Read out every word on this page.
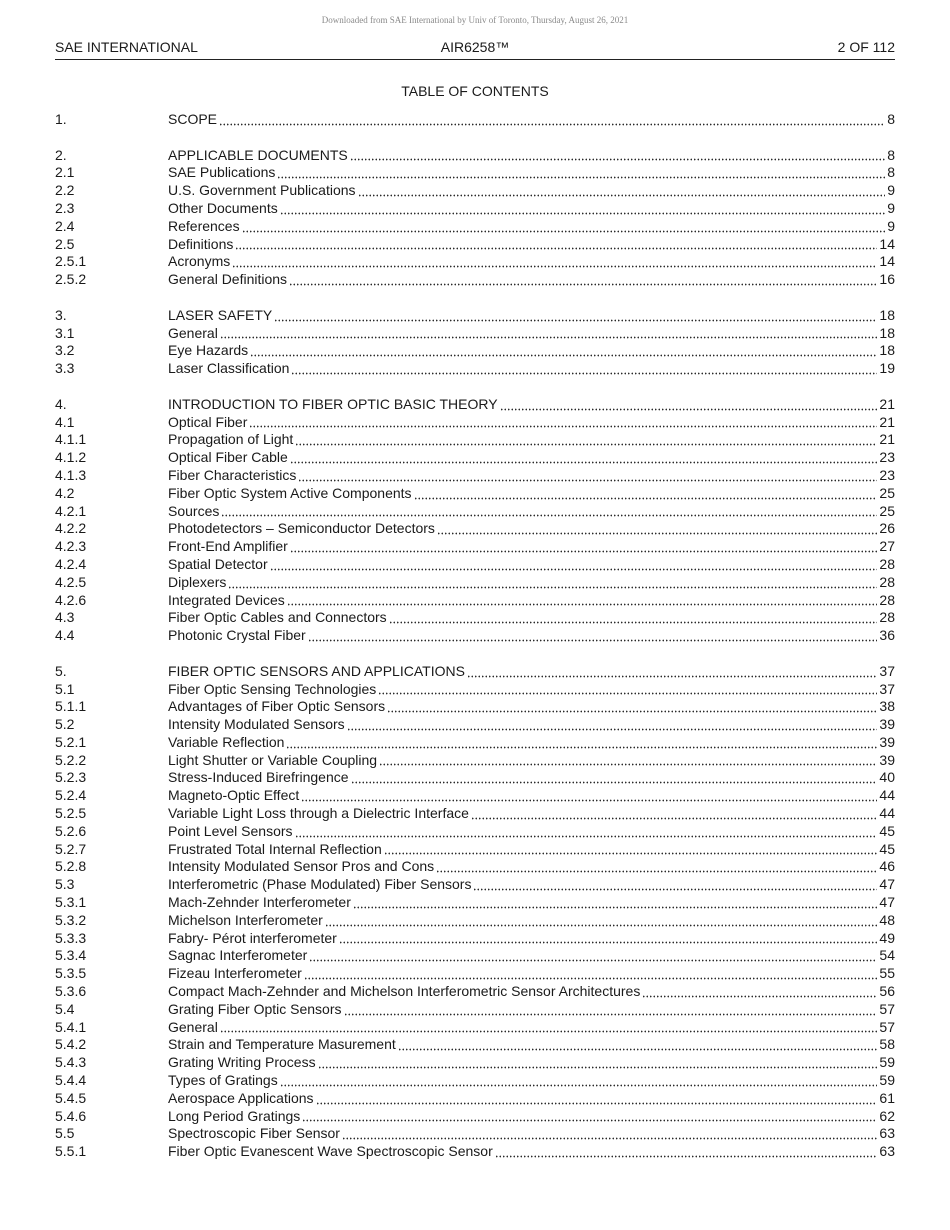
Downloaded from SAE International by Univ of Toronto, Thursday, August 26, 2021
SAE INTERNATIONAL	AIR6258™	2 OF 112
TABLE OF CONTENTS
1.	SCOPE	8
2.	APPLICABLE DOCUMENTS	8
2.1	SAE Publications	8
2.2	U.S. Government Publications	9
2.3	Other Documents	9
2.4	References	9
2.5	Definitions	14
2.5.1	Acronyms	14
2.5.2	General Definitions	16
3.	LASER SAFETY	18
3.1	General	18
3.2	Eye Hazards	18
3.3	Laser Classification	19
4.	INTRODUCTION TO FIBER OPTIC BASIC THEORY	21
4.1	Optical Fiber	21
4.1.1	Propagation of Light	21
4.1.2	Optical Fiber Cable	23
4.1.3	Fiber Characteristics	23
4.2	Fiber Optic System Active Components	25
4.2.1	Sources	25
4.2.2	Photodetectors – Semiconductor Detectors	26
4.2.3	Front-End Amplifier	27
4.2.4	Spatial Detector	28
4.2.5	Diplexers	28
4.2.6	Integrated Devices	28
4.3	Fiber Optic Cables and Connectors	28
4.4	Photonic Crystal Fiber	36
5.	FIBER OPTIC SENSORS AND APPLICATIONS	37
5.1	Fiber Optic Sensing Technologies	37
5.1.1	Advantages of Fiber Optic Sensors	38
5.2	Intensity Modulated Sensors	39
5.2.1	Variable Reflection	39
5.2.2	Light Shutter or Variable Coupling	39
5.2.3	Stress-Induced Birefringence	40
5.2.4	Magneto-Optic Effect	44
5.2.5	Variable Light Loss through a Dielectric Interface	44
5.2.6	Point Level Sensors	45
5.2.7	Frustrated Total Internal Reflection	45
5.2.8	Intensity Modulated Sensor Pros and Cons	46
5.3	Interferometric (Phase Modulated) Fiber Sensors	47
5.3.1	Mach-Zehnder Interferometer	47
5.3.2	Michelson Interferometer	48
5.3.3	Fabry- Pérot interferometer	49
5.3.4	Sagnac Interferometer	54
5.3.5	Fizeau Interferometer	55
5.3.6	Compact Mach-Zehnder and Michelson Interferometric Sensor Architectures	56
5.4	Grating Fiber Optic Sensors	57
5.4.1	General	57
5.4.2	Strain and Temperature Masurement	58
5.4.3	Grating Writing Process	59
5.4.4	Types of Gratings	59
5.4.5	Aerospace Applications	61
5.4.6	Long Period Gratings	62
5.5	Spectroscopic Fiber Sensor	63
5.5.1	Fiber Optic Evanescent Wave Spectroscopic Sensor	63
